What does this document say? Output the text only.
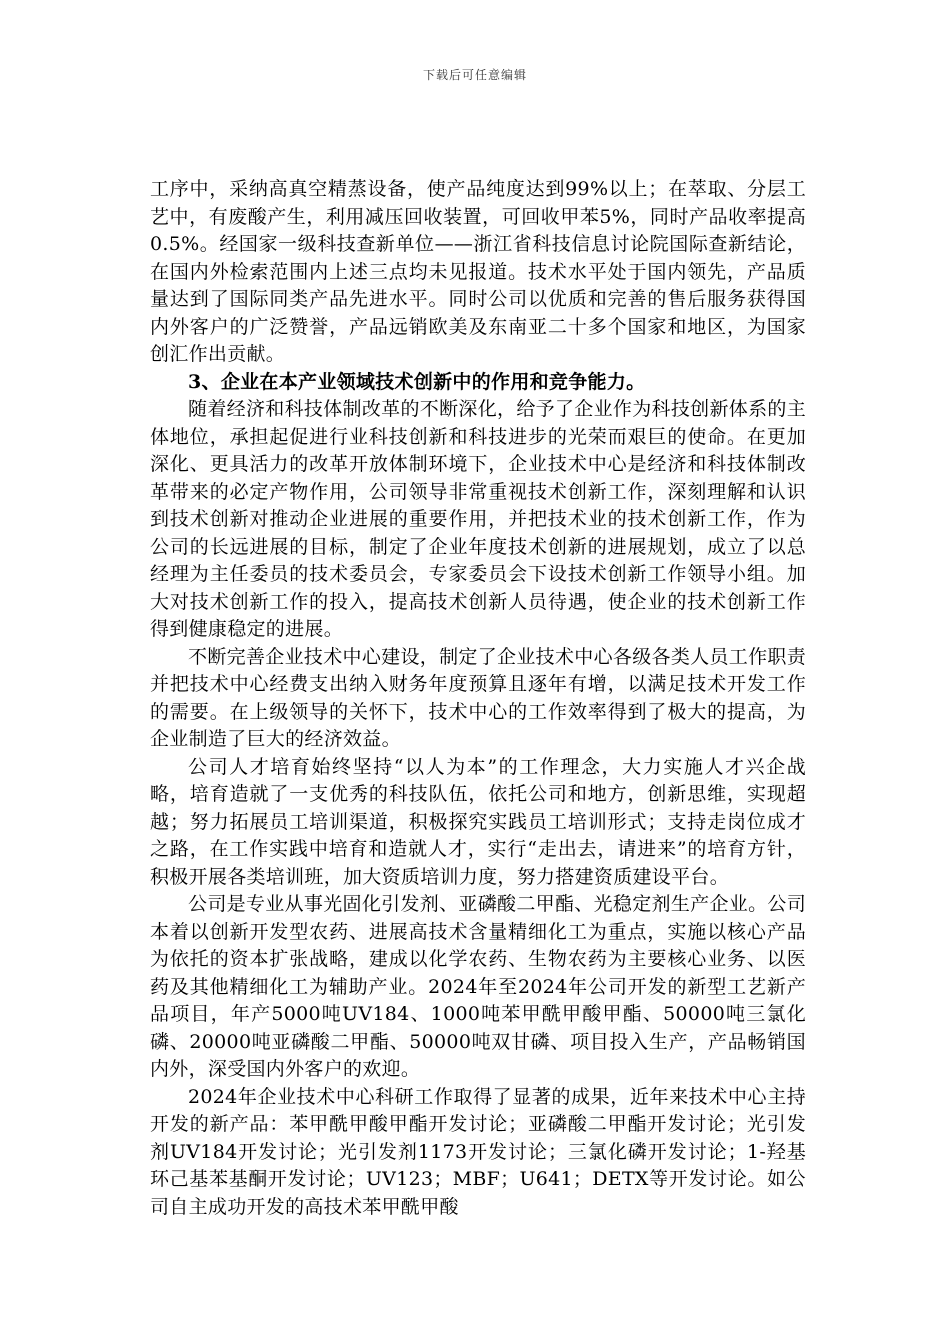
下载后可任意编辑

工序中，采纳高真空精蒸设备，使产品纯度达到99%以上；在萃取、分层工艺中，有废酸产生，利用减压回收装置，可回收甲苯5%，同时产品收率提高0.5%。经国家一级科技查新单位——浙江省科技信息讨论院国际查新结论，在国内外检索范围内上述三点均未见报道。技术水平处于国内领先，产品质量达到了国际同类产品先进水平。同时公司以优质和完善的售后服务获得国内外客户的广泛赞誉，产品远销欧美及东南亚二十多个国家和地区，为国家创汇作出贡献。

3、企业在本产业领域技术创新中的作用和竞争能力。

随着经济和科技体制改革的不断深化，给予了企业作为科技创新体系的主体地位，承担起促进行业科技创新和科技进步的光荣而艰巨的使命。在更加深化、更具活力的改革开放体制环境下，企业技术中心是经济和科技体制改革带来的必定产物作用，公司领导非常重视技术创新工作，深刻理解和认识到技术创新对推动企业进展的重要作用，并把技术业的技术创新工作，作为公司的长远进展的目标，制定了企业年度技术创新的进展规划，成立了以总经理为主任委员的技术委员会，专家委员会下设技术创新工作领导小组。加大对技术创新工作的投入，提高技术创新人员待遇，使企业的技术创新工作得到健康稳定的进展。

不断完善企业技术中心建设，制定了企业技术中心各级各类人员工作职责并把技术中心经费支出纳入财务年度预算且逐年有增，以满足技术开发工作的需要。在上级领导的关怀下，技术中心的工作效率得到了极大的提高，为企业制造了巨大的经济效益。

公司人才培育始终坚持“以人为本”的工作理念，大力实施人才兴企战略，培育造就了一支优秀的科技队伍，依托公司和地方，创新思维，实现超越；努力拓展员工培训渠道，积极探究实践员工培训形式；支持走岗位成才之路，在工作实践中培育和造就人才，实行“走出去，请进来”的培育方针，积极开展各类培训班，加大资质培训力度，努力搭建资质建设平台。

公司是专业从事光固化引发剂、亚磷酸二甲酯、光稳定剂生产企业。公司本着以创新开发型农药、进展高技术含量精细化工为重点，实施以核心产品为依托的资本扩张战略，建成以化学农药、生物农药为主要核心业务、以医药及其他精细化工为辅助产业。2024年至2024年公司开发的新型工艺新产品项目，年产5000吨UV184、1000吨苯甲酰甲酸甲酯、50000吨三氯化磷、20000吨亚磷酸二甲酯、50000吨双甘磷、项目投入生产，产品畅销国内外，深受国内外客户的欢迎。

2024年企业技术中心科研工作取得了显著的成果，近年来技术中心主持开发的新产品：苯甲酰甲酸甲酯开发讨论；亚磷酸二甲酯开发讨论；光引发剂UV184开发讨论；光引发剂1173开发讨论；三氯化磷开发讨论；1-羟基环己基苯基酮开发讨论；UV123；MBF；U641；DETX等开发讨论。如公司自主成功开发的高技术苯甲酰甲酸
